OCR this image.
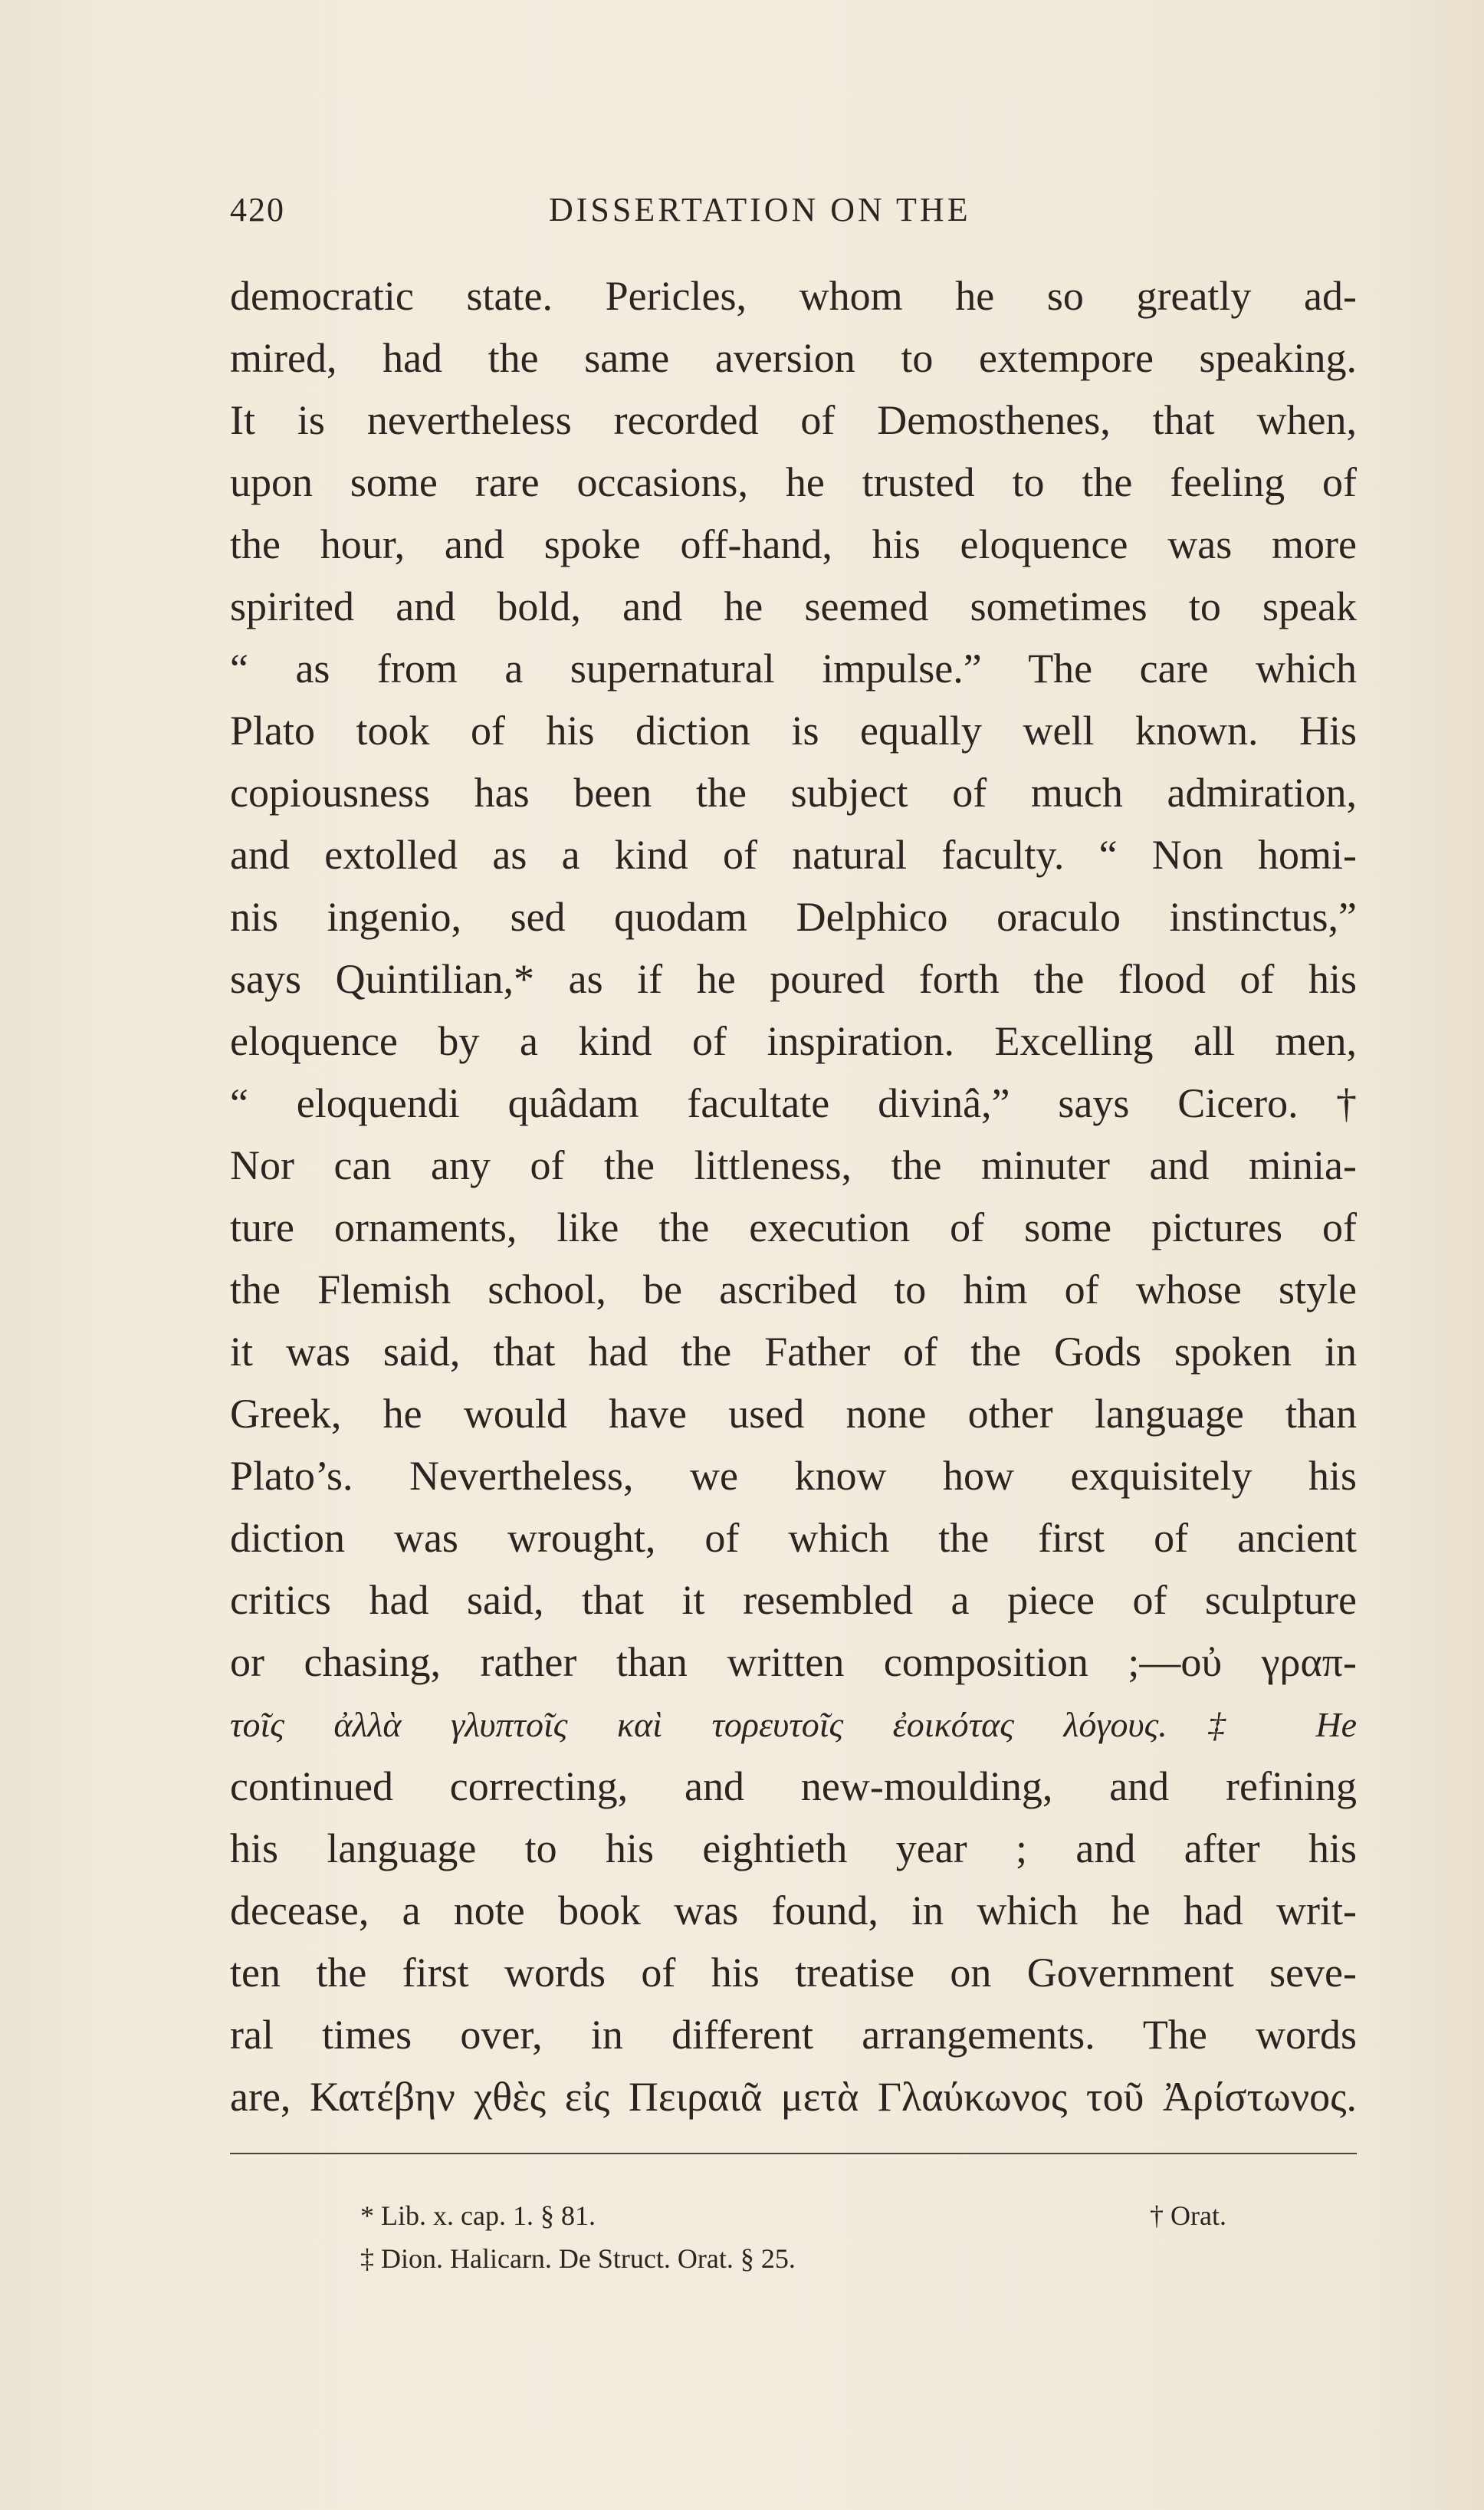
420	DISSERTATION ON THE
democratic state. Pericles, whom he so greatly ad-
mired, had the same aversion to extempore speaking.
It is nevertheless recorded of Demosthenes, that when,
upon some rare occasions, he trusted to the feeling of
the hour, and spoke off-hand, his eloquence was more
spirited and bold, and he seemed sometimes to speak
“ as from a supernatural impulse.” The care which
Plato took of his diction is equally well known. His
copiousness has been the subject of much admiration,
and extolled as a kind of natural faculty. “ Non homi-
nis ingenio, sed quodam Delphico oraculo instinctus,”
says Quintilian,* as if he poured forth the flood of his
eloquence by a kind of inspiration. Excelling all men,
“ eloquendi quâdam facultate divinâ,” says Cicero.†
Nor can any of the littleness, the minuter and minia-
ture ornaments, like the execution of some pictures of
the Flemish school, be ascribed to him of whose style
it was said, that had the Father of the Gods spoken in
Greek, he would have used none other language than
Plato’s. Nevertheless, we know how exquisitely his
diction was wrought, of which the first of ancient
critics had said, that it resembled a piece of sculpture
or chasing, rather than written composition ;—οὐ γραπ-
τοῖς ἀλλὰ γλυπτοῖς καὶ τορευτοῖς ἐοικότας λόγους.‡ He
continued correcting, and new-moulding, and refining
his language to his eightieth year ; and after his
decease, a note book was found, in which he had writ-
ten the first words of his treatise on Government seve-
ral times over, in different arrangements. The words
are, Κατέβην χθὲς εἰς Πειραιᾶ μετὰ Γλαύκωνος τοῦ Ἀρίστωνος.
* Lib. x. cap. 1. § 81.	† Orat.
‡ Dion. Halicarn. De Struct. Orat. § 25.
